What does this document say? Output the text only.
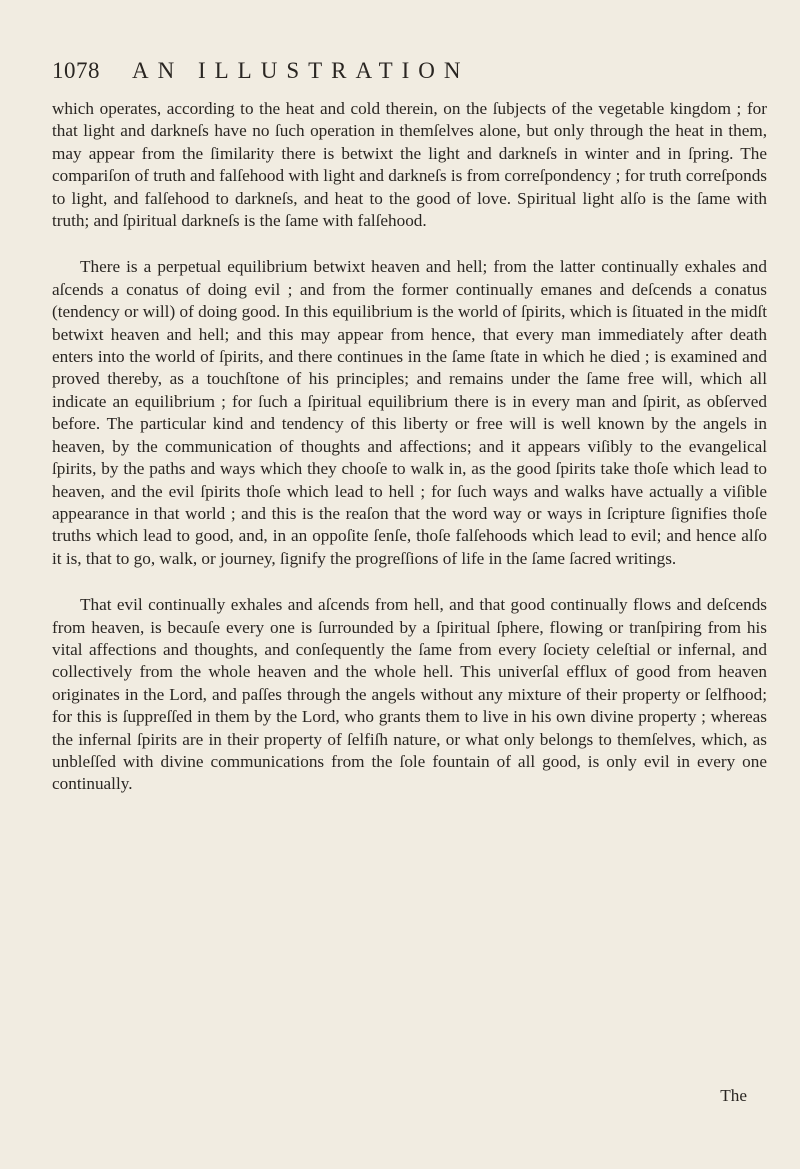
1078 AN ILLUSTRATION

which operates, according to the heat and cold therein, on the ſubjects of the vegetable kingdom ; for that light and darkneſs have no ſuch operation in themſelves alone, but only through the heat in them, may appear from the ſimilarity there is betwixt the light and darkneſs in winter and in ſpring. The compariſon of truth and falſehood with light and darkneſs is from correſpondency ; for truth correſponds to light, and falſehood to darkneſs, and heat to the good of love. Spiritual light alſo is the ſame with truth; and ſpiritual darkneſs is the ſame with falſehood.

There is a perpetual equilibrium betwixt heaven and hell; from the latter continually exhales and aſcends a conatus of doing evil ; and from the former continually emanes and deſcends a conatus (tendency or will) of doing good. In this equilibrium is the world of ſpirits, which is ſituated in the midſt betwixt heaven and hell; and this may appear from hence, that every man immediately after death enters into the world of ſpirits, and there continues in the ſame ſtate in which he died ; is examined and proved thereby, as a touchſtone of his principles; and remains under the ſame free will, which all indicate an equilibrium ; for ſuch a ſpiritual equilibrium there is in every man and ſpirit, as obſerved before. The particular kind and tendency of this liberty or free will is well known by the angels in heaven, by the communication of thoughts and affections; and it appears viſibly to the evangelical ſpirits, by the paths and ways which they chooſe to walk in, as the good ſpirits take thoſe which lead to heaven, and the evil ſpirits thoſe which lead to hell ; for ſuch ways and walks have actually a viſible appearance in that world ; and this is the reaſon that the word way or ways in ſcripture ſignifies thoſe truths which lead to good, and, in an oppoſite ſenſe, thoſe falſehoods which lead to evil; and hence alſo it is, that to go, walk, or journey, ſignify the progreſſions of life in the ſame ſacred writings.

That evil continually exhales and aſcends from hell, and that good continually flows and deſcends from heaven, is becauſe every one is ſurrounded by a ſpiritual ſphere, flowing or tranſpiring from his vital affections and thoughts, and conſequently the ſame from every ſociety celeſtial or infernal, and collectively from the whole heaven and the whole hell. This univerſal efflux of good from heaven originates in the Lord, and paſſes through the angels without any mixture of their property or ſelfhood; for this is ſuppreſſed in them by the Lord, who grants them to live in his own divine property ; whereas the infernal ſpirits are in their property of ſelfiſh nature, or what only belongs to themſelves, which, as unbleſſed with divine communications from the ſole fountain of all good, is only evil in every one continually.

The
